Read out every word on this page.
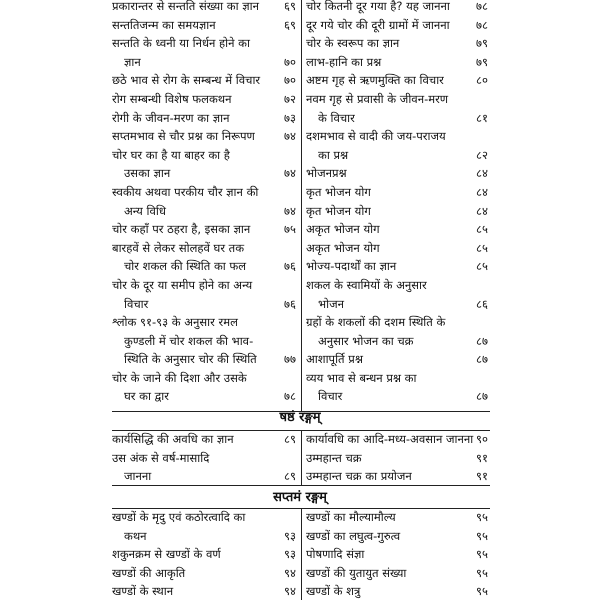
प्रकारान्तर से सन्तति संख्या का ज्ञान ६९
सन्ततिजन्म का समयज्ञान	६९
सन्तति के ध्वनी या निर्धन होने का
ज्ञान	७०
छठे भाव से रोग के सम्बन्ध में विचार ७०
रोग सम्बन्धी विशेष फलकथन	७२
रोगी के जीवन-मरण का ज्ञान	७३
सप्तमभाव से चौर प्रश्न का निरूपण	७४
चोर घर का है या बाहर का है
उसका ज्ञान	७४
स्वकीय अथवा परकीय चौर ज्ञान की
अन्य विधि	७४
चोर कहाँ पर ठहरा है, इसका ज्ञान	७५
बारहवें से लेकर सोलहवें घर तक
चोर शकल की स्थिति का फल	७६
चोर के दूर या समीप होने का अन्य
विचार	७६
श्लोक ९१-९३ के अनुसार रमल
कुण्डली में चोर शकल की भाव-
स्थिति के अनुसार चोर की स्थिति ७७
चोर के जाने की दिशा और उसके
घर का द्वार	७८
चोर कितनी दूर गया है? यह जानना ७८
दूर गये चोर की दूरी ग्रामों में जानना ७८
चोर के स्वरूप का ज्ञान	७९
लाभ-हानि का प्रश्न	७९
अष्टम गृह से ऋणमुक्ति का विचार	८०
नवम गृह से प्रवासी के जीवन-मरण
के विचार	८१
दशमभाव से वादी की जय-पराजय
का प्रश्न	८२
भोजनप्रश्न	८४
कृत भोजन योग	८४
कृत भोजन योग	८४
अकृत भोजन योग	८५
अकृत भोजन योग	८५
भोज्य-पदार्थों का ज्ञान	८५
शकल के स्वामियों के अनुसार
भोजन	८६
ग्रहों के शकलों की दशम स्थिति के
अनुसार भोजन का चक्र	८७
आशापूर्ति प्रश्न	८७
व्यय भाव से बन्धन प्रश्न का
विचार	८७
षष्ठं रङ्गम्
कार्यसिद्धि की अवधि का ज्ञान	८९
उस अंक से वर्ष-मासादि
जानना	८९
कार्यावधि का आदि-मध्य-अवसान जानना ९०
उम्महान्त चक्र	९१
उम्महान्त चक्र का प्रयोजन	९१
सप्तमं रङ्गम्
खण्डों के मृदु एवं कठोरत्वादि का
कथन	९३
शकुनक्रम से खण्डों के वर्ण	९३
खण्डों की आकृति	९४
खण्डों के स्थान	९४
खण्डों का मौल्यामौल्य	९५
खण्डों का लघुत्व-गुरुत्व	९५
पोषणादि संज्ञा	९५
खण्डों की युतायुत संख्या	९५
खण्डों के शत्रु	९५
